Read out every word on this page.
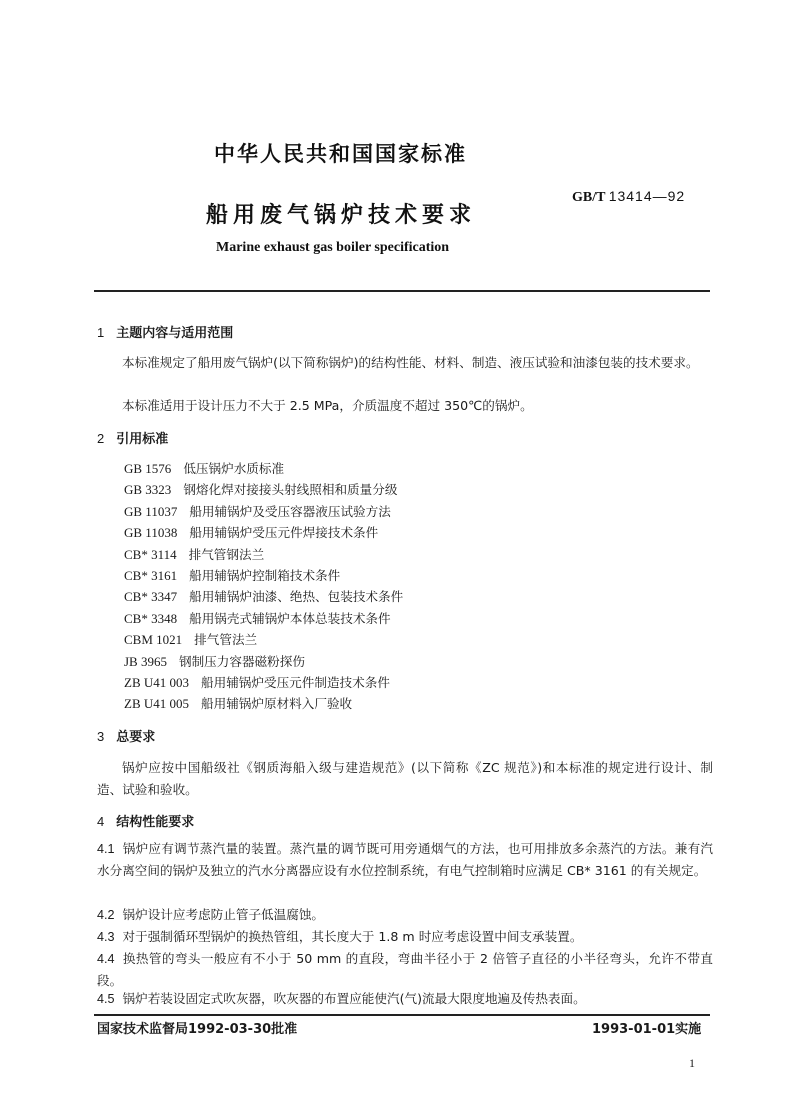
中华人民共和国国家标准
GB/T 13414—92
船用废气锅炉技术要求
Marine exhaust gas boiler specification
1 主题内容与适用范围
本标准规定了船用废气锅炉(以下简称锅炉)的结构性能、材料、制造、液压试验和油漆包装的技术要求。
本标准适用于设计压力不大于 2.5 MPa，介质温度不超过 350℃的锅炉。
2 引用标准
GB 1576 低压锅炉水质标准
GB 3323 钢熔化焊对接接头射线照相和质量分级
GB 11037 船用辅锅炉及受压容器液压试验方法
GB 11038 船用辅锅炉受压元件焊接技术条件
CB* 3114 排气管钢法兰
CB* 3161 船用辅锅炉控制箱技术条件
CB* 3347 船用辅锅炉油漆、绝热、包装技术条件
CB* 3348 船用锅壳式辅锅炉本体总装技术条件
CBM 1021 排气管法兰
JB 3965 钢制压力容器磁粉探伤
ZB U41 003 船用辅锅炉受压元件制造技术条件
ZB U41 005 船用辅锅炉原材料入厂验收
3 总要求
锅炉应按中国船级社《钢质海船入级与建造规范》(以下简称《ZC 规范》)和本标准的规定进行设计、制造、试验和验收。
4 结构性能要求
4.1 锅炉应有调节蒸汽量的装置。蒸汽量的调节既可用旁通烟气的方法，也可用排放多余蒸汽的方法。兼有汽水分离空间的锅炉及独立的汽水分离器应设有水位控制系统，有电气控制箱时应满足 CB* 3161 的有关规定。
4.2 锅炉设计应考虑防止管子低温腐蚀。
4.3 对于强制循环型锅炉的换热管组，其长度大于 1.8 m 时应考虑设置中间支承装置。
4.4 换热管的弯头一般应有不小于 50 mm 的直段，弯曲半径小于 2 倍管子直径的小半径弯头，允许不带直段。
4.5 锅炉若装设固定式吹灰器，吹灰器的布置应能使汽(气)流最大限度地遍及传热表面。
国家技术监督局1992-03-30批准	1993-01-01实施
1
